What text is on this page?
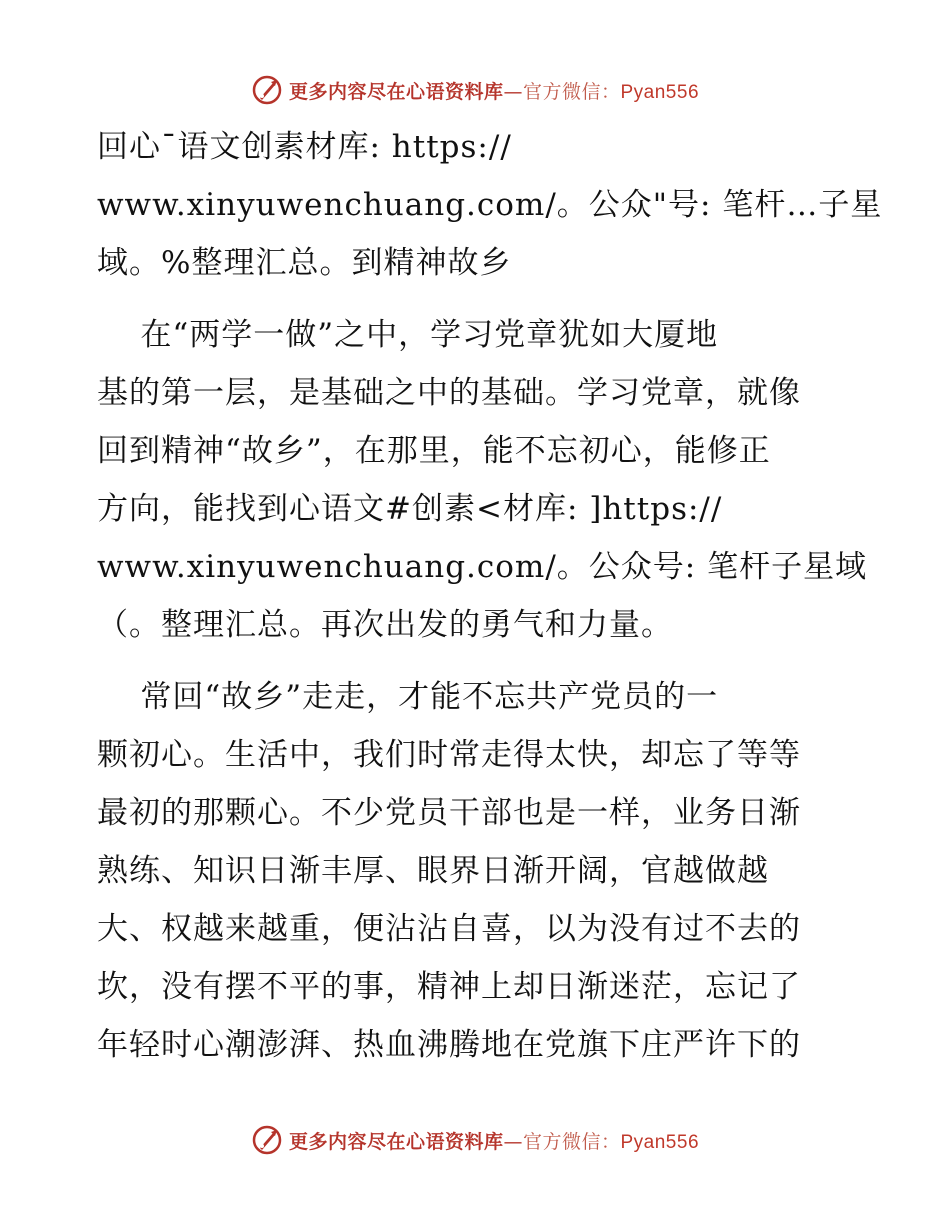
更多内容尽在心语资料库—官方微信：Pyan556
回心¯语文创素材库: https://
www.xinyuwenchuang.com/。公众"号: 笔杆…子星
域。%整理汇总。到精神故乡
在“两学一做”之中，学习党章犹如大厦地
基的第一层，是基础之中的基础。学习党章，就像
回到精神“故乡”，在那里，能不忘初心，能修正
方向，能找到心语文#创素<材库: ]https://
www.xinyuwenchuang.com/。公众号: 笔杆子星域
（。整理汇总。再次出发的勇气和力量。
常回“故乡”走走，才能不忘共产党员的一
颗初心。生活中，我们时常走得太快，却忘了等等
最初的那颗心。不少党员干部也是一样，业务日渐
熟练、知识日渐丰厚、眼界日渐开阔，官越做越
大、权越来越重，便沾沾自喜，以为没有过不去的
坎，没有摆不平的事，精神上却日渐迷茫，忘记了
年轻时心潮澎湃、热血沸腾地在党旗下庄严许下的
更多内容尽在心语资料库—官方微信：Pyan556
